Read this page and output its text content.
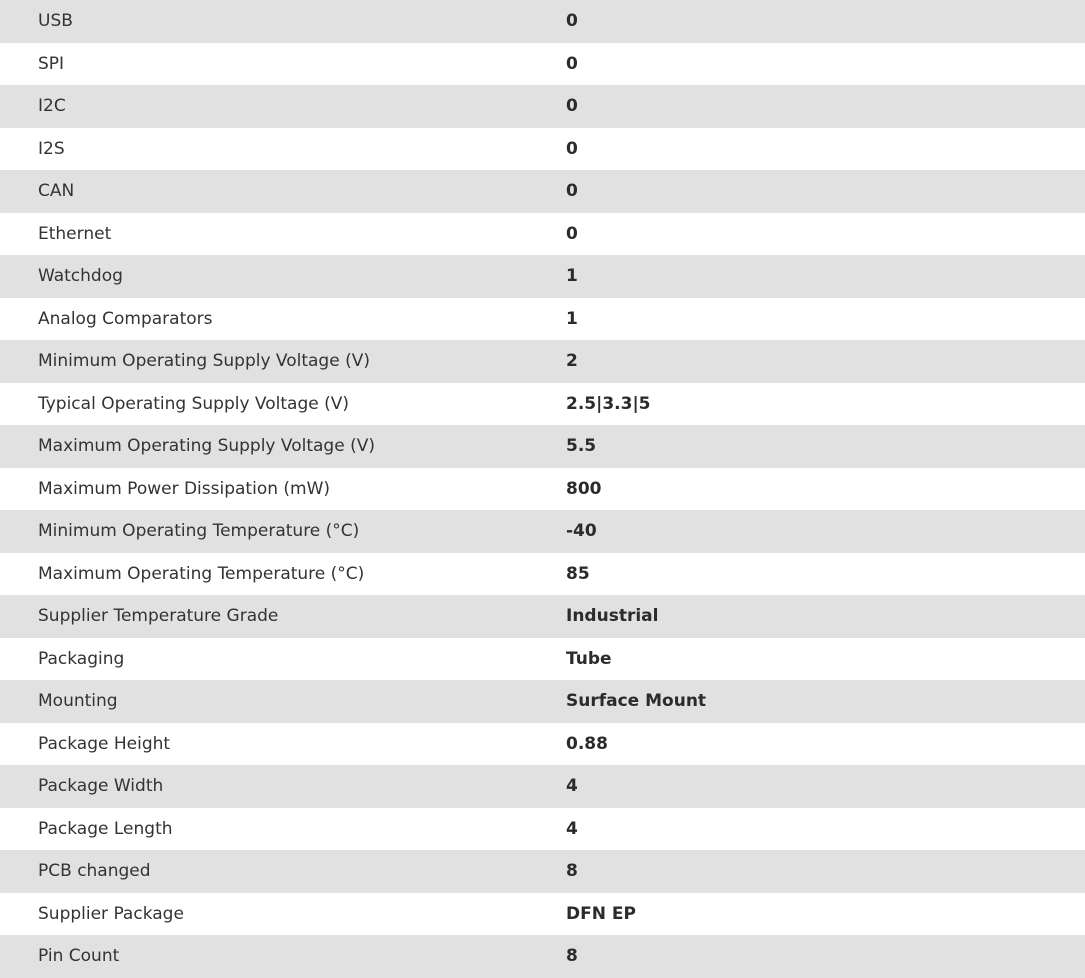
USB	0
SPI	0
I2C	0
I2S	0
CAN	0
Ethernet	0
Watchdog	1
Analog Comparators	1
Minimum Operating Supply Voltage (V)	2
Typical Operating Supply Voltage (V)	2.5|3.3|5
Maximum Operating Supply Voltage (V)	5.5
Maximum Power Dissipation (mW)	800
Minimum Operating Temperature (°C)	-40
Maximum Operating Temperature (°C)	85
Supplier Temperature Grade	Industrial
Packaging	Tube
Mounting	Surface Mount
Package Height	0.88
Package Width	4
Package Length	4
PCB changed	8
Supplier Package	DFN EP
Pin Count	8
